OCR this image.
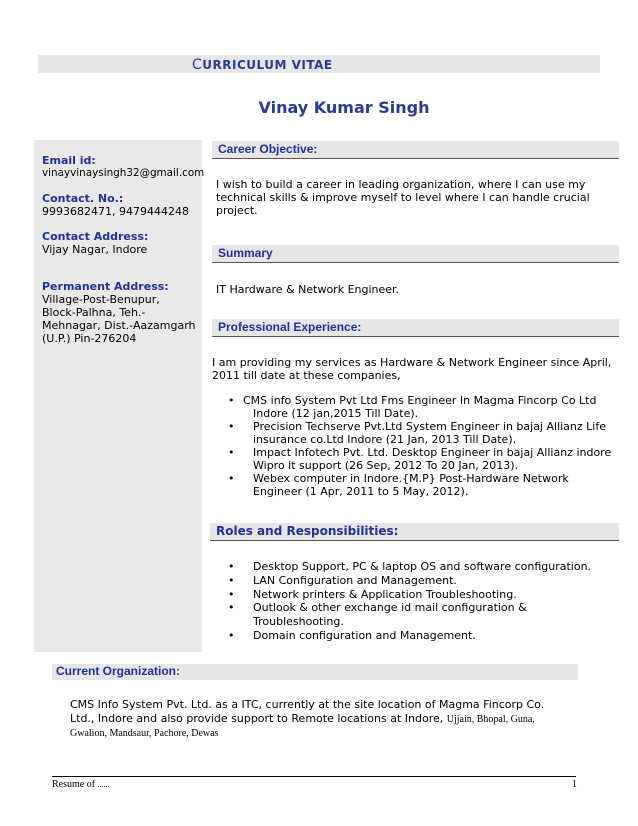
CURRICULUM VITAE
Vinay Kumar Singh
Email id:
vinayvinaysingh32@gmail.com
Contact. No.:
9993682471, 9479444248
Contact Address:
Vijay Nagar, Indore
Permanent Address:
Village-Post-Benupur,
Block-Palhna, Teh.-
Mehnagar, Dist.-Aazamgarh
(U.P.) Pin-276204
Career Objective:
I wish to build a career in leading organization, where I can use my
technical skills & improve myself to level where I can handle crucial
project.
Summary
IT Hardware & Network Engineer.
Professional Experience:
I am providing my services as Hardware & Network Engineer since April,
2011 till date at these companies,
• CMS info System Pvt Ltd Fms Engineer In Magma Fincorp Co Ltd
Indore (12 jan,2015 Till Date).
• Precision Techserve Pvt.Ltd System Engineer in bajaj Allianz Life
insurance co.Ltd Indore (21 Jan, 2013 Till Date).
• Impact Infotech Pvt. Ltd. Desktop Engineer in bajaj Allianz indore
Wipro it support (26 Sep, 2012 To 20 Jan, 2013).
• Webex computer in Indore.{M.P} Post-Hardware Network
Engineer (1 Apr, 2011 to 5 May, 2012).
Roles and Responsibilities:
• Desktop Support, PC & laptop OS and software configuration.
• LAN Configuration and Management.
• Network printers & Application Troubleshooting.
• Outlook & other exchange id mail configuration & Troubleshooting.
• Domain configuration and Management.
Current Organization:
CMS Info System Pvt. Ltd. as a ITC, currently at the site location of Magma Fincorp Co.
Ltd., Indore and also provide support to Remote locations at Indore, Ujjain, Bhopal, Guna,
Gwalion, Mandsaur, Pachore, Dewas
Resume of ......	1
